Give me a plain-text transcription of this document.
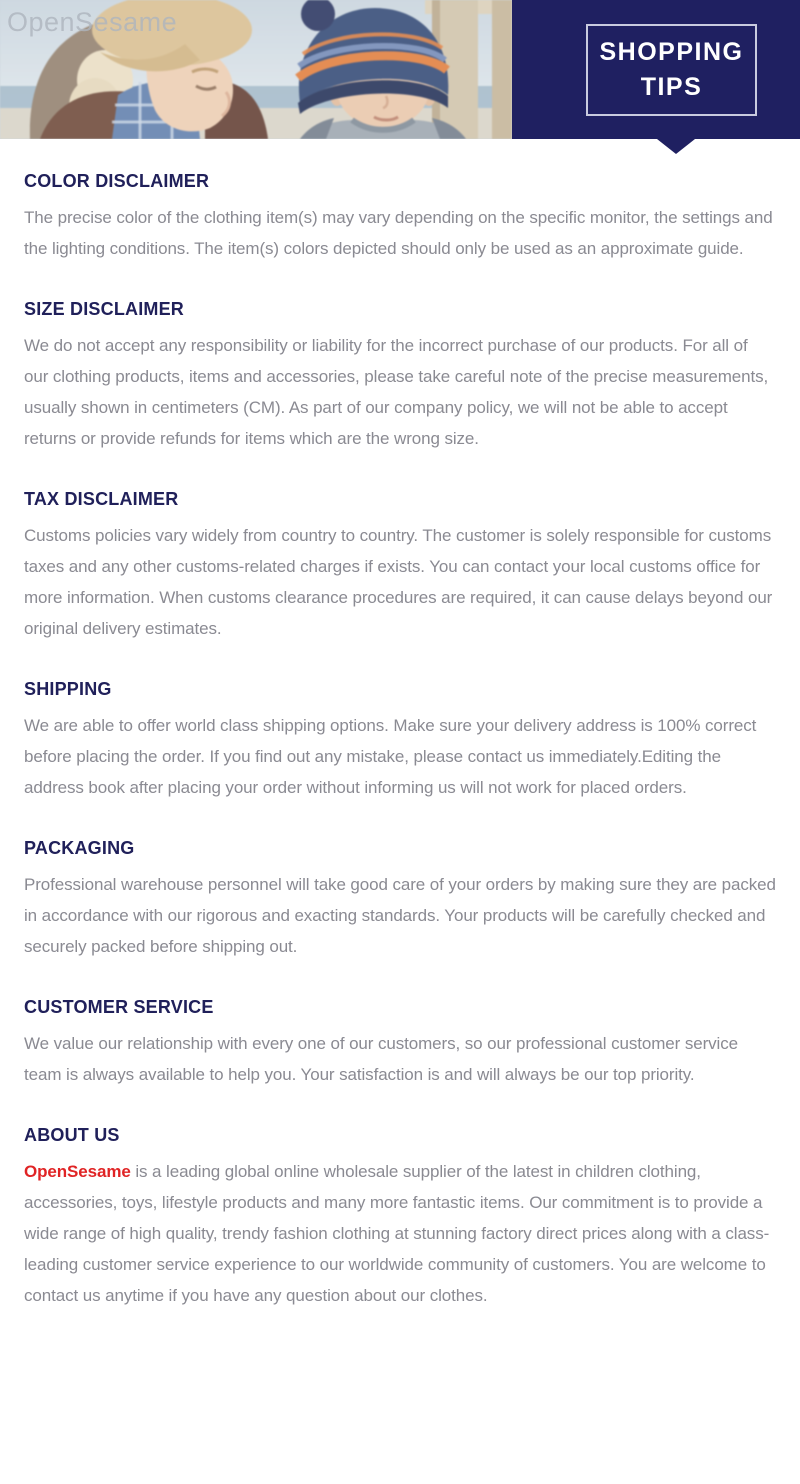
OpenSesame
SHOPPING
TIPS
COLOR DISCLAIMER

The precise color of the clothing item(s) may vary depending on the specific monitor, the settings and the lighting conditions. The item(s) colors depicted should only be used as an approximate guide.

SIZE DISCLAIMER

We do not accept any responsibility or liability for the incorrect purchase of our products. For all of our clothing products, items and accessories, please take careful note of the precise measurements, usually shown in centimeters (CM). As part of our company policy, we will not be able to accept returns or provide refunds for items which are the wrong size.

TAX DISCLAIMER

Customs policies vary widely from country to country. The customer is solely responsible for customs taxes and any other customs-related charges if exists. You can contact your local customs office for more information. When customs clearance procedures are required, it can cause delays beyond our original delivery estimates.

SHIPPING

We are able to offer world class shipping options. Make sure your delivery address is 100% correct before placing the order. If you find out any mistake, please contact us immediately.Editing the address book after placing your order without informing us will not work for placed orders.

PACKAGING

Professional warehouse personnel will take good care of your orders by making sure they are packed in accordance with our rigorous and exacting standards. Your products will be carefully checked and securely packed before shipping out.

CUSTOMER SERVICE

We value our relationship with every one of our customers, so our professional customer service team is always available to help you. Your satisfaction is and will always be our top priority.

ABOUT US

OpenSesame is a leading global online wholesale supplier of the latest in children clothing, accessories, toys, lifestyle products and many more fantastic items. Our commitment is to provide a wide range of high quality, trendy fashion clothing at stunning factory direct prices along with a class-leading customer service experience to our worldwide community of customers. You are welcome to contact us anytime if you have any question about our clothes.
